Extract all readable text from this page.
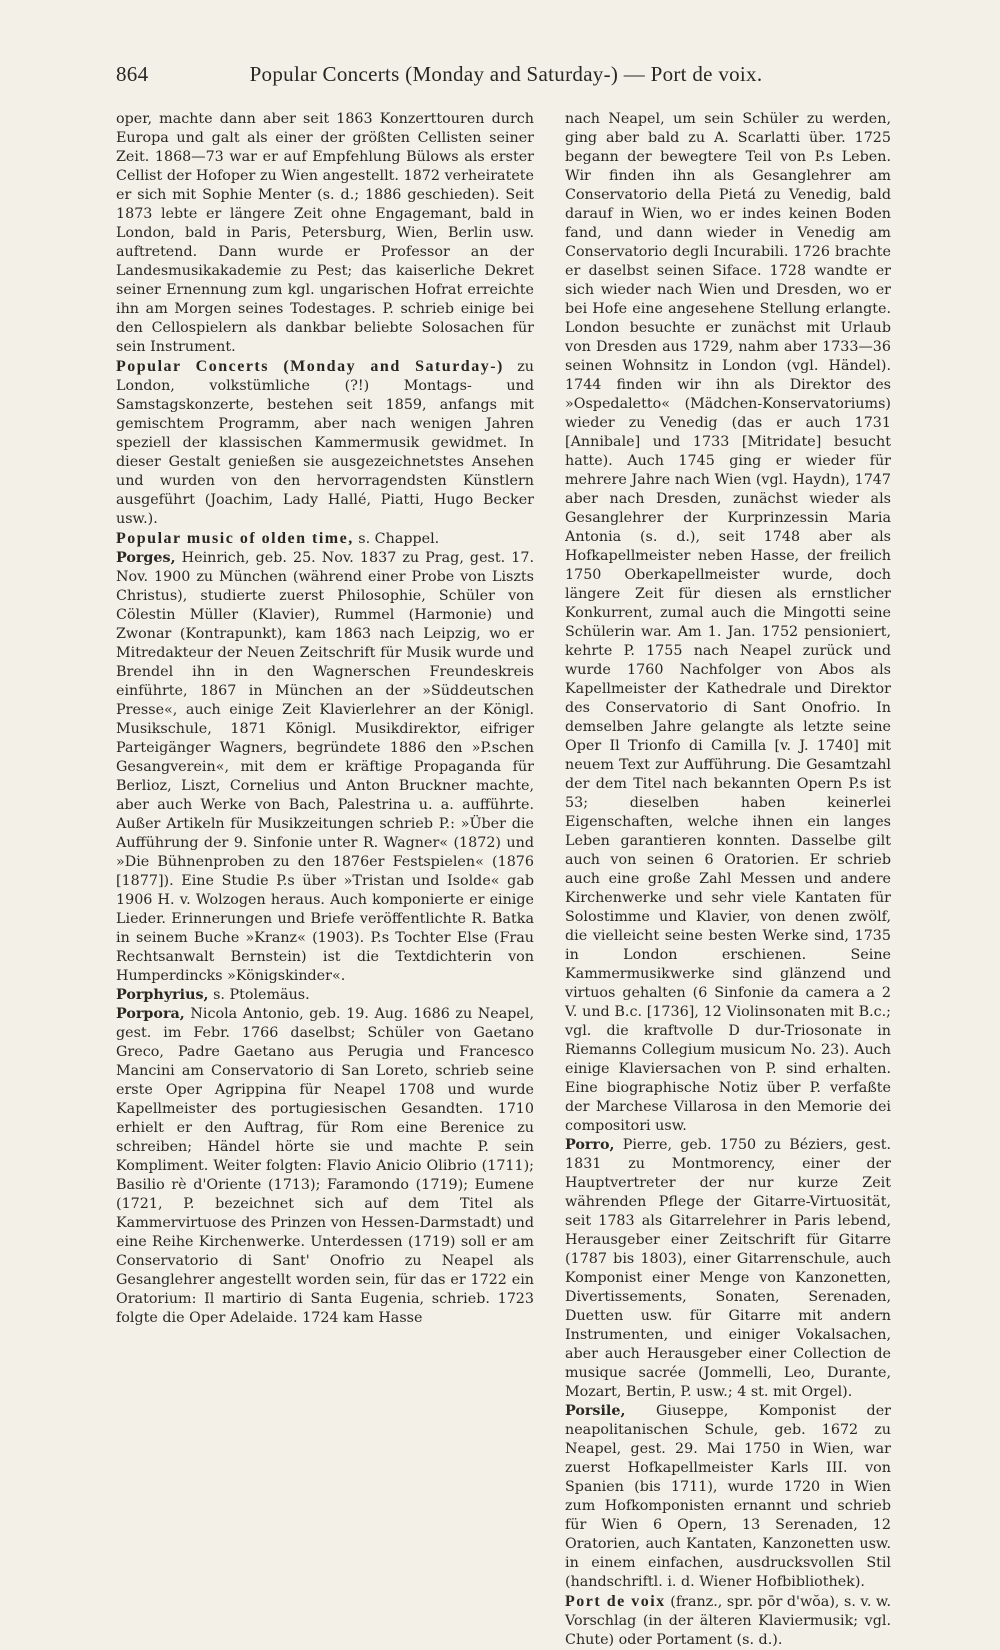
864	Popular Concerts (Monday and Saturday-) — Port de voix.

oper, machte dann aber seit 1863 Konzerttouren durch Europa und galt als einer der größten Cellisten seiner Zeit. 1868—73 war er auf Empfehlung Bülows als erster Cellist der Hofoper zu Wien angestellt. 1872 verheiratete er sich mit Sophie Menter (s. d.; 1886 geschieden). Seit 1873 lebte er längere Zeit ohne Engagemant, bald in London, bald in Paris, Petersburg, Wien, Berlin usw. auftretend. Dann wurde er Professor an der Landesmusikakademie zu Pest; das kaiserliche Dekret seiner Ernennung zum kgl. ungarischen Hofrat erreichte ihn am Morgen seines Todestages. P. schrieb einige bei den Cellospielern als dankbar beliebte Solosachen für sein Instrument.

Popular Concerts (Monday and Saturday-) zu London, volkstümliche (?!) Montags- und Samstagskonzerte, bestehen seit 1859, anfangs mit gemischtem Programm, aber nach wenigen Jahren speziell der klassischen Kammermusik gewidmet. In dieser Gestalt genießen sie ausgezeichnetstes Ansehen und wurden von den hervorragendsten Künstlern ausgeführt (Joachim, Lady Hallé, Piatti, Hugo Becker usw.).

Popular music of olden time, s. Chappel.

Porges, Heinrich, geb. 25. Nov. 1837 zu Prag, gest. 17. Nov. 1900 zu München (während einer Probe von Liszts Christus), studierte zuerst Philosophie, Schüler von Cölestin Müller (Klavier), Rummel (Harmonie) und Zwonar (Kontrapunkt), kam 1863 nach Leipzig, wo er Mitredakteur der Neuen Zeitschrift für Musik wurde und Brendel ihn in den Wagnerschen Freundeskreis einführte, 1867 in München an der »Süddeutschen Presse«, auch einige Zeit Klavierlehrer an der Königl. Musikschule, 1871 Königl. Musikdirektor, eifriger Parteigänger Wagners, begründete 1886 den »P.schen Gesangverein«, mit dem er kräftige Propaganda für Berlioz, Liszt, Cornelius und Anton Bruckner machte, aber auch Werke von Bach, Palestrina u. a. aufführte. Außer Artikeln für Musikzeitungen schrieb P.: »Über die Aufführung der 9. Sinfonie unter R. Wagner« (1872) und »Die Bühnenproben zu den 1876er Festspielen« (1876 [1877]). Eine Studie P.s über »Tristan und Isolde« gab 1906 H. v. Wolzogen heraus. Auch komponierte er einige Lieder. Erinnerungen und Briefe veröffentlichte R. Batka in seinem Buche »Kranz« (1903). P.s Tochter Else (Frau Rechtsanwalt Bernstein) ist die Textdichterin von Humperdincks »Königskinder«.

Porphyrius, s. Ptolemäus.

Porpora, Nicola Antonio, geb. 19. Aug. 1686 zu Neapel, gest. im Febr. 1766 daselbst; Schüler von Gaetano Greco, Padre Gaetano aus Perugia und Francesco Mancini am Conservatorio di San Loreto, schrieb seine erste Oper Agrippina für Neapel 1708 und wurde Kapellmeister des portugiesischen Gesandten. 1710 erhielt er den Auftrag, für Rom eine Berenice zu schreiben; Händel hörte sie und machte P. sein Kompliment. Weiter folgten: Flavio Anicio Olibrio (1711); Basilio rè d'Oriente (1713); Faramondo (1719); Eumene (1721, P. bezeichnet sich auf dem Titel als Kammervirtuose des Prinzen von Hessen-Darmstadt) und eine Reihe Kirchenwerke. Unterdessen (1719) soll er am Conservatorio di Sant' Onofrio zu Neapel als Gesanglehrer angestellt worden sein, für das er 1722 ein Oratorium: Il martirio di Santa Eugenia, schrieb. 1723 folgte die Oper Adelaide. 1724 kam Hasse

nach Neapel, um sein Schüler zu werden, ging aber bald zu A. Scarlatti über. 1725 begann der bewegtere Teil von P.s Leben. Wir finden ihn als Gesanglehrer am Conservatorio della Pietá zu Venedig, bald darauf in Wien, wo er indes keinen Boden fand, und dann wieder in Venedig am Conservatorio degli Incurabili. 1726 brachte er daselbst seinen Siface. 1728 wandte er sich wieder nach Wien und Dresden, wo er bei Hofe eine angesehene Stellung erlangte. London besuchte er zunächst mit Urlaub von Dresden aus 1729, nahm aber 1733—36 seinen Wohnsitz in London (vgl. Händel). 1744 finden wir ihn als Direktor des »Ospedaletto« (Mädchen-Konservatoriums) wieder zu Venedig (das er auch 1731 [Annibale] und 1733 [Mitridate] besucht hatte). Auch 1745 ging er wieder für mehrere Jahre nach Wien (vgl. Haydn), 1747 aber nach Dresden, zunächst wieder als Gesanglehrer der Kurprinzessin Maria Antonia (s. d.), seit 1748 aber als Hofkapellmeister neben Hasse, der freilich 1750 Oberkapellmeister wurde, doch längere Zeit für diesen als ernstlicher Konkurrent, zumal auch die Mingotti seine Schülerin war. Am 1. Jan. 1752 pensioniert, kehrte P. 1755 nach Neapel zurück und wurde 1760 Nachfolger von Abos als Kapellmeister der Kathedrale und Direktor des Conservatorio di Sant Onofrio. In demselben Jahre gelangte als letzte seine Oper Il Trionfo di Camilla [v. J. 1740] mit neuem Text zur Aufführung. Die Gesamtzahl der dem Titel nach bekannten Opern P.s ist 53; dieselben haben keinerlei Eigenschaften, welche ihnen ein langes Leben garantieren konnten. Dasselbe gilt auch von seinen 6 Oratorien. Er schrieb auch eine große Zahl Messen und andere Kirchenwerke und sehr viele Kantaten für Solostimme und Klavier, von denen zwölf, die vielleicht seine besten Werke sind, 1735 in London erschienen. Seine Kammermusikwerke sind glänzend und virtuos gehalten (6 Sinfonie da camera a 2 V. und B.c. [1736], 12 Violinsonaten mit B.c.; vgl. die kraftvolle D dur-Triosonate in Riemanns Collegium musicum No. 23). Auch einige Klaviersachen von P. sind erhalten. Eine biographische Notiz über P. verfaßte der Marchese Villarosa in den Memorie dei compositori usw.

Porro, Pierre, geb. 1750 zu Béziers, gest. 1831 zu Montmorency, einer der Hauptvertreter der nur kurze Zeit währenden Pflege der Gitarre-Virtuosität, seit 1783 als Gitarrelehrer in Paris lebend, Herausgeber einer Zeitschrift für Gitarre (1787 bis 1803), einer Gitarrenschule, auch Komponist einer Menge von Kanzonetten, Divertissements, Sonaten, Serenaden, Duetten usw. für Gitarre mit andern Instrumenten, und einiger Vokalsachen, aber auch Herausgeber einer Collection de musique sacrée (Jommelli, Leo, Durante, Mozart, Bertin, P. usw.; 4 st. mit Orgel).

Porsile, Giuseppe, Komponist der neapolitanischen Schule, geb. 1672 zu Neapel, gest. 29. Mai 1750 in Wien, war zuerst Hofkapellmeister Karls III. von Spanien (bis 1711), wurde 1720 in Wien zum Hofkomponisten ernannt und schrieb für Wien 6 Opern, 13 Serenaden, 12 Oratorien, auch Kantaten, Kanzonetten usw. in einem einfachen, ausdrucksvollen Stil (handschriftl. i. d. Wiener Hofbibliothek).

Port de voix (franz., spr. pōr d'wŏa), s. v. w. Vorschlag (in der älteren Klaviermusik; vgl. Chute) oder Portament (s. d.).
